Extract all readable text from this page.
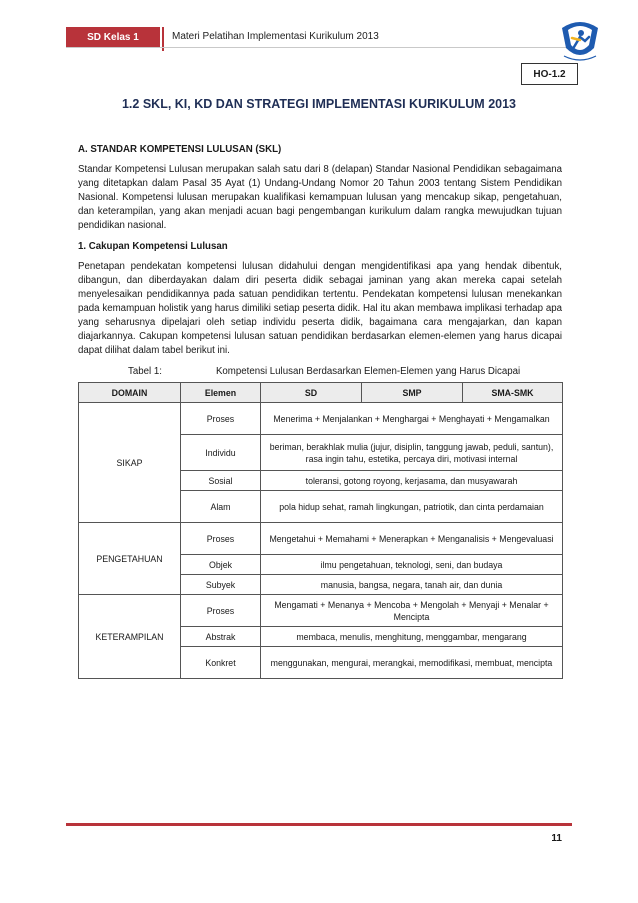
SD Kelas 1	Materi Pelatihan Implementasi Kurikulum 2013
HO-1.2
1.2 SKL, KI, KD DAN STRATEGI IMPLEMENTASI KURIKULUM 2013

A. STANDAR KOMPETENSI LULUSAN (SKL)

Standar Kompetensi Lulusan merupakan salah satu dari 8 (delapan) Standar Nasional Pendidikan sebagaimana yang ditetapkan dalam Pasal 35 Ayat (1) Undang-Undang Nomor 20 Tahun 2003 tentang Sistem Pendidikan Nasional. Kompetensi lulusan merupakan kualifikasi kemampuan lulusan yang mencakup sikap, pengetahuan, dan keterampilan, yang akan menjadi acuan bagi pengembangan kurikulum dalam rangka mewujudkan tujuan pendidikan nasional.

1. Cakupan Kompetensi Lulusan

Penetapan pendekatan kompetensi lulusan didahului dengan mengidentifikasi apa yang hendak dibentuk, dibangun, dan diberdayakan dalam diri peserta didik sebagai jaminan yang akan mereka capai setelah menyelesaikan pendidikannya pada satuan pendidikan tertentu. Pendekatan kompetensi lulusan menekankan pada kemampuan holistik yang harus dimiliki setiap peserta didik. Hal itu akan membawa implikasi terhadap apa yang seharusnya dipelajari oleh setiap individu peserta didik, bagaimana cara mengajarkan, dan kapan diajarkannya. Cakupan kompetensi lulusan satuan pendidikan berdasarkan elemen-elemen yang harus dicapai dapat dilihat dalam tabel berikut ini.

Tabel 1:	Kompetensi Lulusan Berdasarkan Elemen-Elemen yang Harus Dicapai

DOMAIN	Elemen	SD	SMP	SMA-SMK
SIKAP	Proses	Menerima + Menjalankan + Menghargai + Menghayati + Mengamalkan		
	Individu	beriman, berakhlak mulia (jujur, disiplin, tanggung jawab, peduli, santun), rasa ingin tahu, estetika, percaya diri, motivasi internal		
	Sosial	toleransi, gotong royong, kerjasama, dan musyawarah		
	Alam	pola hidup sehat, ramah lingkungan, patriotik, dan cinta perdamaian		
PENGETAHUAN	Proses	Mengetahui + Memahami + Menerapkan + Menganalisis + Mengevaluasi		
	Objek	ilmu pengetahuan, teknologi, seni, dan budaya		
	Subyek	manusia, bangsa, negara, tanah air, dan dunia		
KETERAMPILAN	Proses	Mengamati + Menanya + Mencoba + Mengolah + Menyaji + Menalar + Mencipta		
	Abstrak	membaca, menulis, menghitung, menggambar, mengarang		
	Konkret	menggunakan, mengurai, merangkai, memodifikasi, membuat, mencipta		
11
